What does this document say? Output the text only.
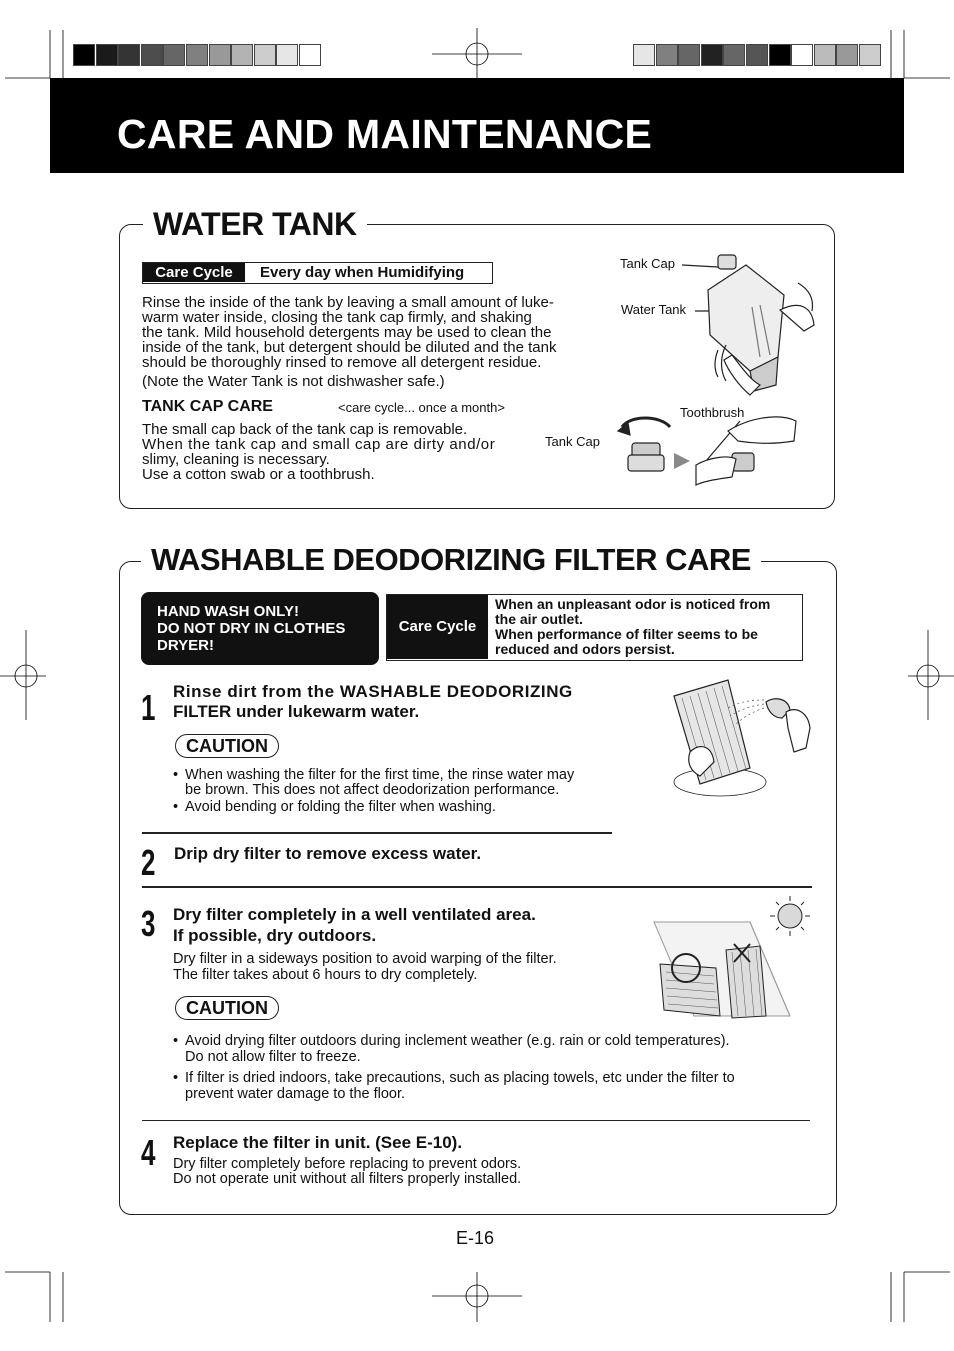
CARE AND MAINTENANCE
WATER TANK
Care Cycle	Every day when Humidifying
Rinse the inside of the tank by leaving a small amount of luke-
warm water inside, closing the tank cap firmly, and shaking
the tank. Mild household detergents may be used to clean the
inside of the tank, but detergent should be diluted and the tank
should be thoroughly rinsed to remove all detergent residue.
(Note the Water Tank is not dishwasher safe.)
TANK CAP CARE	<care cycle... once a month>
The small cap back of the tank cap is removable.
When the tank cap and small cap are dirty and/or
slimy, cleaning is necessary.
Use a cotton swab or a toothbrush.
Tank Cap
Water Tank
Toothbrush
Tank Cap
WASHABLE DEODORIZING FILTER CARE
HAND WASH ONLY!
DO NOT DRY IN CLOTHES
DRYER!
Care Cycle
When an unpleasant odor is noticed from
the air outlet.
When performance of filter seems to be
reduced and odors persist.
1 Rinse dirt from the WASHABLE DEODORIZING
FILTER under lukewarm water.
CAUTION
• When washing the filter for the first time, the rinse water may
be brown. This does not affect deodorization performance.
• Avoid bending or folding the filter when washing.
2 Drip dry filter to remove excess water.
3 Dry filter completely in a well ventilated area.
If possible, dry outdoors.
Dry filter in a sideways position to avoid warping of the filter.
The filter takes about 6 hours to dry completely.
CAUTION
• Avoid drying filter outdoors during inclement weather (e.g. rain or cold temperatures).
Do not allow filter to freeze.
• If filter is dried indoors, take precautions, such as placing towels, etc under the filter to
prevent water damage to the floor.
4 Replace the filter in unit. (See E-10).
Dry filter completely before replacing to prevent odors.
Do not operate unit without all filters properly installed.
E-16
